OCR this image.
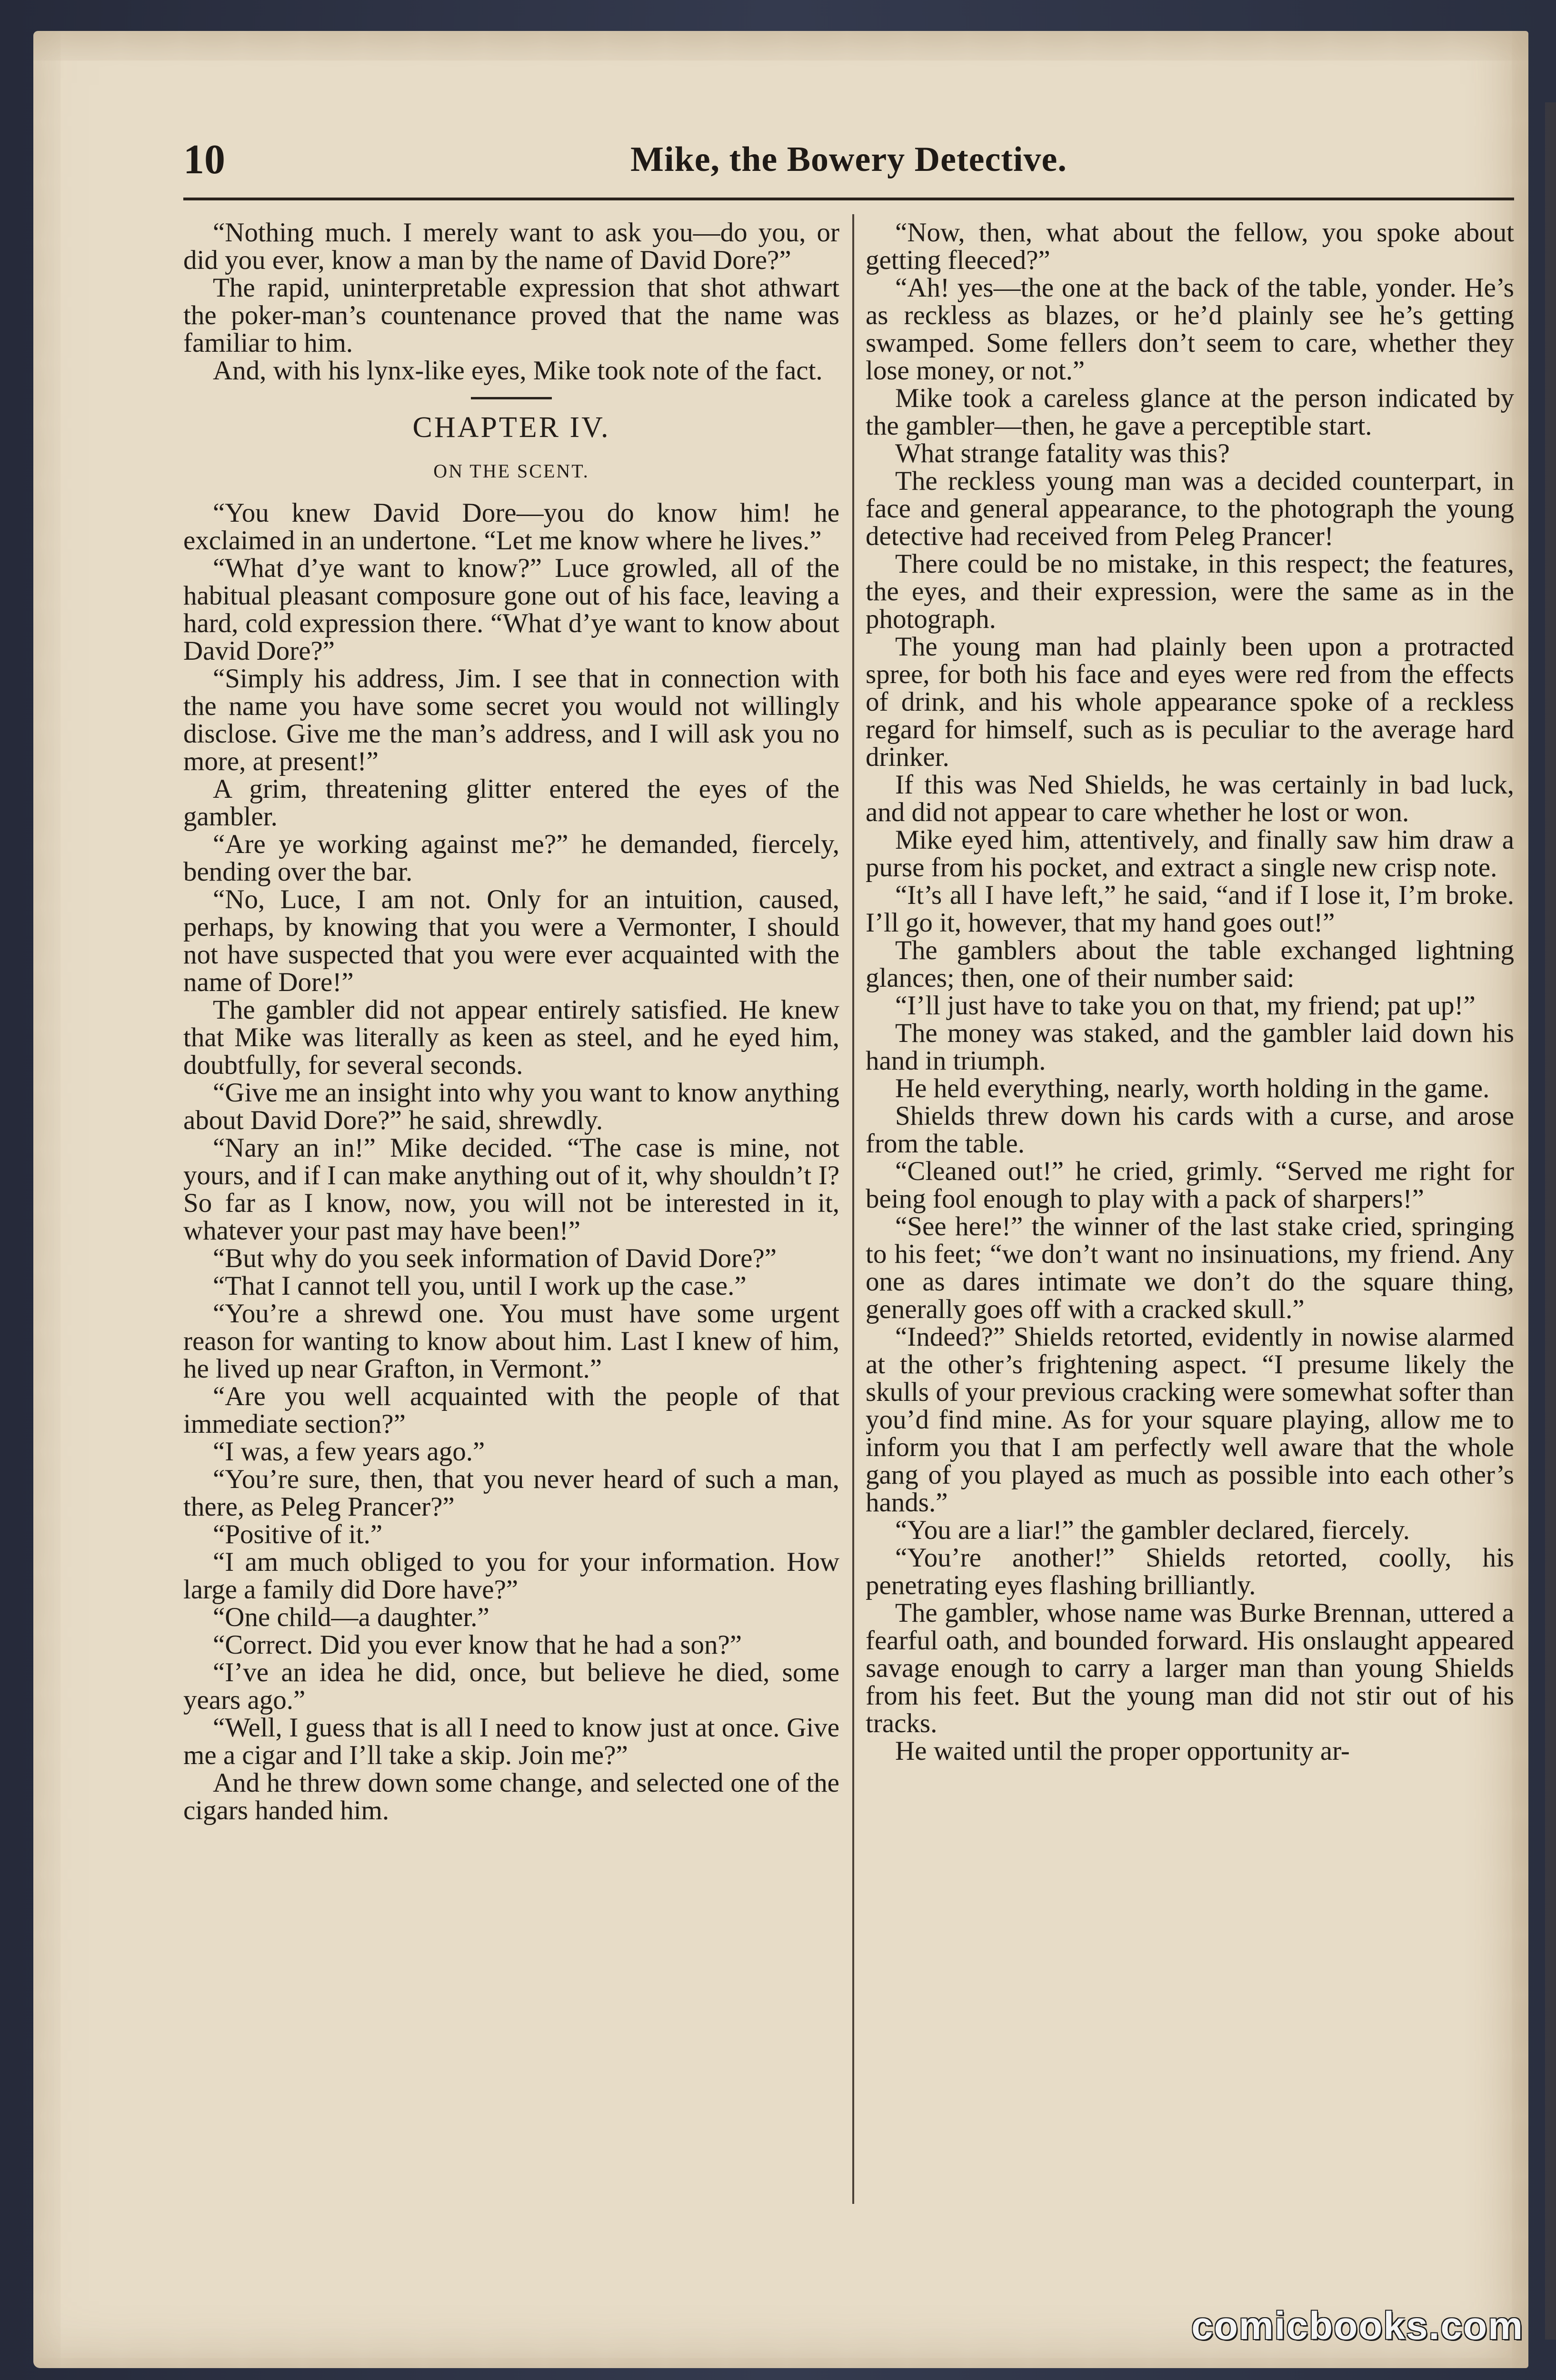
10	Mike, the Bowery Detective.

“Nothing much. I merely want to ask you—do you, or did you ever, know a man by the name of David Dore?”

The rapid, uninterpretable expression that shot athwart the poker-man’s countenance proved that the name was familiar to him.

And, with his lynx-like eyes, Mike took note of the fact.

CHAPTER IV.
ON THE SCENT.

“You knew David Dore—you do know him! he exclaimed in an undertone. “Let me know where he lives.”

“What d’ye want to know?” Luce growled, all of the habitual pleasant composure gone out of his face, leaving a hard, cold expression there. “What d’ye want to know about David Dore?”

“Simply his address, Jim. I see that in connection with the name you have some secret you would not willingly disclose. Give me the man’s address, and I will ask you no more, at present!”

A grim, threatening glitter entered the eyes of the gambler.

“Are ye working against me?” he demanded, fiercely, bending over the bar.

“No, Luce, I am not. Only for an intuition, caused, perhaps, by knowing that you were a Vermonter, I should not have suspected that you were ever acquainted with the name of Dore!”

The gambler did not appear entirely satisfied. He knew that Mike was literally as keen as steel, and he eyed him, doubtfully, for several seconds.

“Give me an insight into why you want to know anything about David Dore?” he said, shrewdly.

“Nary an in!” Mike decided. “The case is mine, not yours, and if I can make anything out of it, why shouldn’t I? So far as I know, now, you will not be interested in it, whatever your past may have been!”

“But why do you seek information of David Dore?”

“That I cannot tell you, until I work up the case.”

“You’re a shrewd one. You must have some urgent reason for wanting to know about him. Last I knew of him, he lived up near Grafton, in Vermont.”

“Are you well acquainted with the people of that immediate section?”

“I was, a few years ago.”

“You’re sure, then, that you never heard of such a man, there, as Peleg Prancer?”

“Positive of it.”

“I am much obliged to you for your information. How large a family did Dore have?”

“One child—a daughter.”

“Correct. Did you ever know that he had a son?”

“I’ve an idea he did, once, but believe he died, some years ago.”

“Well, I guess that is all I need to know just at once. Give me a cigar and I’ll take a skip. Join me?”

And he threw down some change, and selected one of the cigars handed him.

“Now, then, what about the fellow, you spoke about getting fleeced?”

“Ah! yes—the one at the back of the table, yonder. He’s as reckless as blazes, or he’d plainly see he’s getting swamped. Some fellers don’t seem to care, whether they lose money, or not.”

Mike took a careless glance at the person indicated by the gambler—then, he gave a perceptible start.

What strange fatality was this?

The reckless young man was a decided counterpart, in face and general appearance, to the photograph the young detective had received from Peleg Prancer!

There could be no mistake, in this respect; the features, the eyes, and their expression, were the same as in the photograph.

The young man had plainly been upon a protracted spree, for both his face and eyes were red from the effects of drink, and his whole appearance spoke of a reckless regard for himself, such as is peculiar to the average hard drinker.

If this was Ned Shields, he was certainly in bad luck, and did not appear to care whether he lost or won.

Mike eyed him, attentively, and finally saw him draw a purse from his pocket, and extract a single new crisp note.

“It’s all I have left,” he said, “and if I lose it, I’m broke. I’ll go it, however, that my hand goes out!”

The gamblers about the table exchanged lightning glances; then, one of their number said:

“I’ll just have to take you on that, my friend; pat up!”

The money was staked, and the gambler laid down his hand in triumph.

He held everything, nearly, worth holding in the game.

Shields threw down his cards with a curse, and arose from the table.

“Cleaned out!” he cried, grimly. “Served me right for being fool enough to play with a pack of sharpers!”

“See here!” the winner of the last stake cried, springing to his feet; “we don’t want no insinuations, my friend. Any one as dares intimate we don’t do the square thing, generally goes off with a cracked skull.”

“Indeed?” Shields retorted, evidently in nowise alarmed at the other’s frightening aspect. “I presume likely the skulls of your previous cracking were somewhat softer than you’d find mine. As for your square playing, allow me to inform you that I am perfectly well aware that the whole gang of you played as much as possible into each other’s hands.”

“You are a liar!” the gambler declared, fiercely.

“You’re another!” Shields retorted, coolly, his penetrating eyes flashing brilliantly.

The gambler, whose name was Burke Brennan, uttered a fearful oath, and bounded forward. His onslaught appeared savage enough to carry a larger man than young Shields from his feet. But the young man did not stir out of his tracks.

He waited until the proper opportunity ar-

comicbooks.com
